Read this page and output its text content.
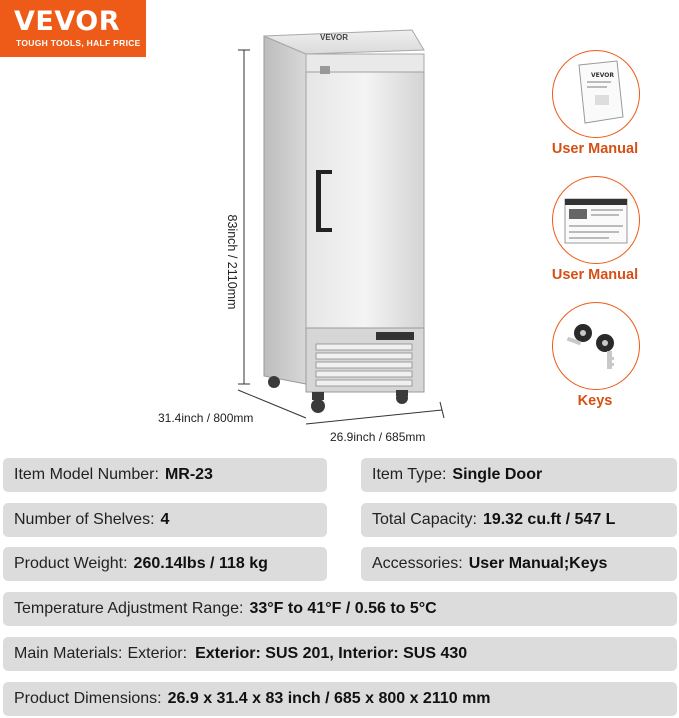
VEVOR
TOUGH TOOLS, HALF PRICE
VEVOR
83inch / 2110mm
31.4inch / 800mm
26.9inch / 685mm
VEVOR
User Manual
User Manual
Keys
Item Model Number: MR-23	Item Type: Single Door
Number of Shelves: 4	Total Capacity: 19.32 cu.ft / 547 L
Product Weight: 260.14lbs / 118 kg	Accessories: User Manual;Keys
Temperature Adjustment Range: 33°F to 41°F / 0.56 to 5°C
Main Materials: Exterior: Exterior: SUS 201, Interior: SUS 430
Product Dimensions: 26.9 x 31.4 x 83 inch / 685 x 800 x 2110 mm
